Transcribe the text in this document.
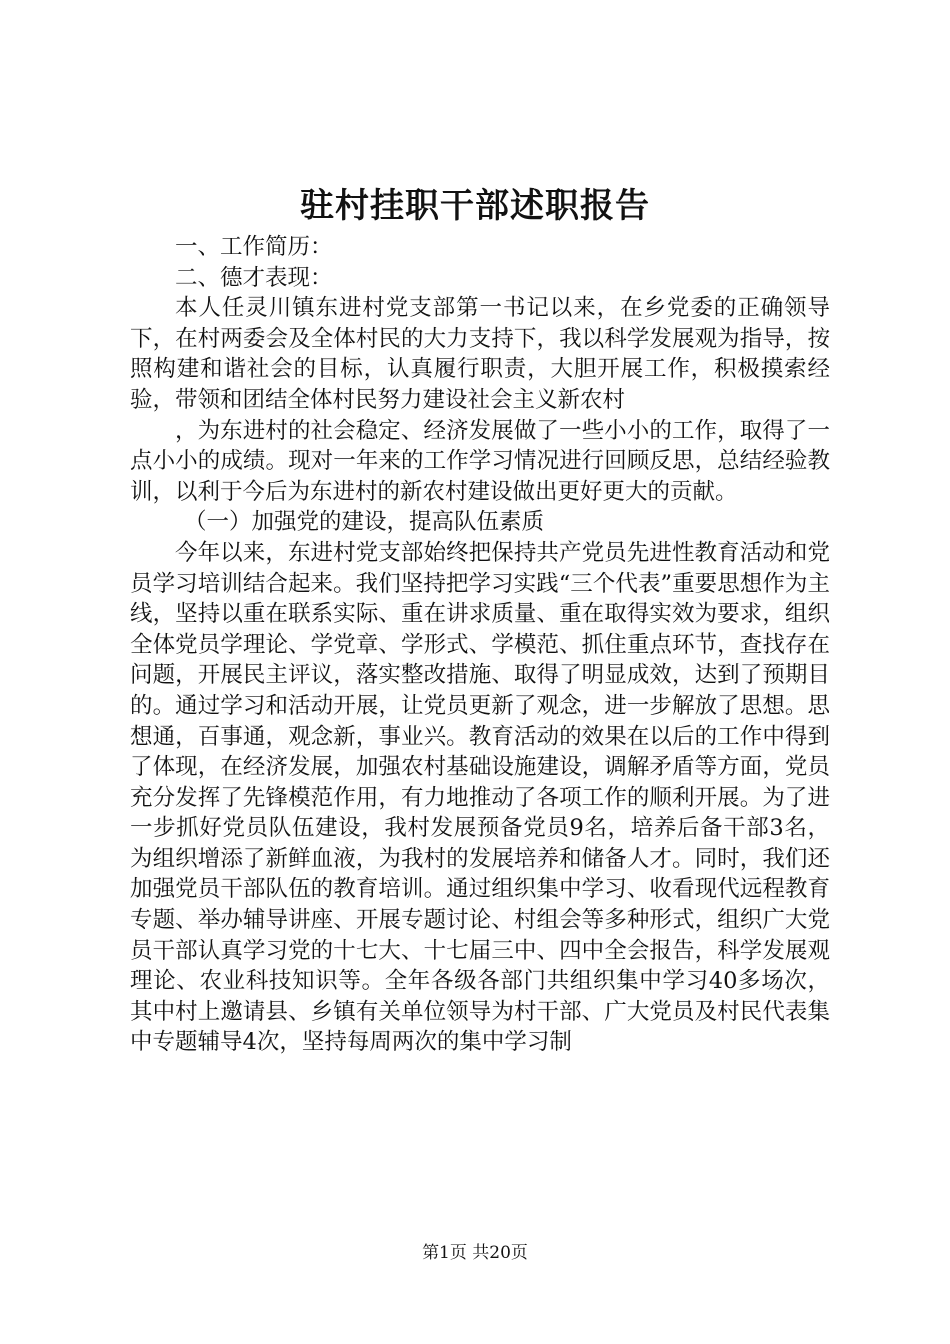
驻村挂职干部述职报告

一、工作简历：

二、德才表现：

本人任灵川镇东进村党支部第一书记以来，在乡党委的正确领导下，在村两委会及全体村民的大力支持下，我以科学发展观为指导，按照构建和谐社会的目标，认真履行职责，大胆开展工作，积极摸索经验，带领和团结全体村民努力建设社会主义新农村

，为东进村的社会稳定、经济发展做了一些小小的工作，取得了一点小小的成绩。现对一年来的工作学习情况进行回顾反思，总结经验教训，以利于今后为东进村的新农村建设做出更好更大的贡献。

（一）加强党的建设，提高队伍素质

今年以来，东进村党支部始终把保持共产党员先进性教育活动和党员学习培训结合起来。我们坚持把学习实践“三个代表”重要思想作为主线，坚持以重在联系实际、重在讲求质量、重在取得实效为要求，组织全体党员学理论、学党章、学形式、学模范、抓住重点环节，查找存在问题，开展民主评议，落实整改措施、取得了明显成效，达到了预期目的。通过学习和活动开展，让党员更新了观念，进一步解放了思想。思想通，百事通，观念新，事业兴。教育活动的效果在以后的工作中得到了体现，在经济发展，加强农村基础设施建设，调解矛盾等方面，党员充分发挥了先锋模范作用，有力地推动了各项工作的顺利开展。为了进一步抓好党员队伍建设，我村发展预备党员9名，培养后备干部3名，为组织增添了新鲜血液，为我村的发展培养和储备人才。同时，我们还加强党员干部队伍的教育培训。通过组织集中学习、收看现代远程教育专题、举办辅导讲座、开展专题讨论、村组会等多种形式，组织广大党员干部认真学习党的十七大、十七届三中、四中全会报告，科学发展观理论、农业科技知识等。全年各级各部门共组织集中学习40多场次，其中村上邀请县、乡镇有关单位领导为村干部、广大党员及村民代表集中专题辅导4次，坚持每周两次的集中学习制

第1页 共20页
